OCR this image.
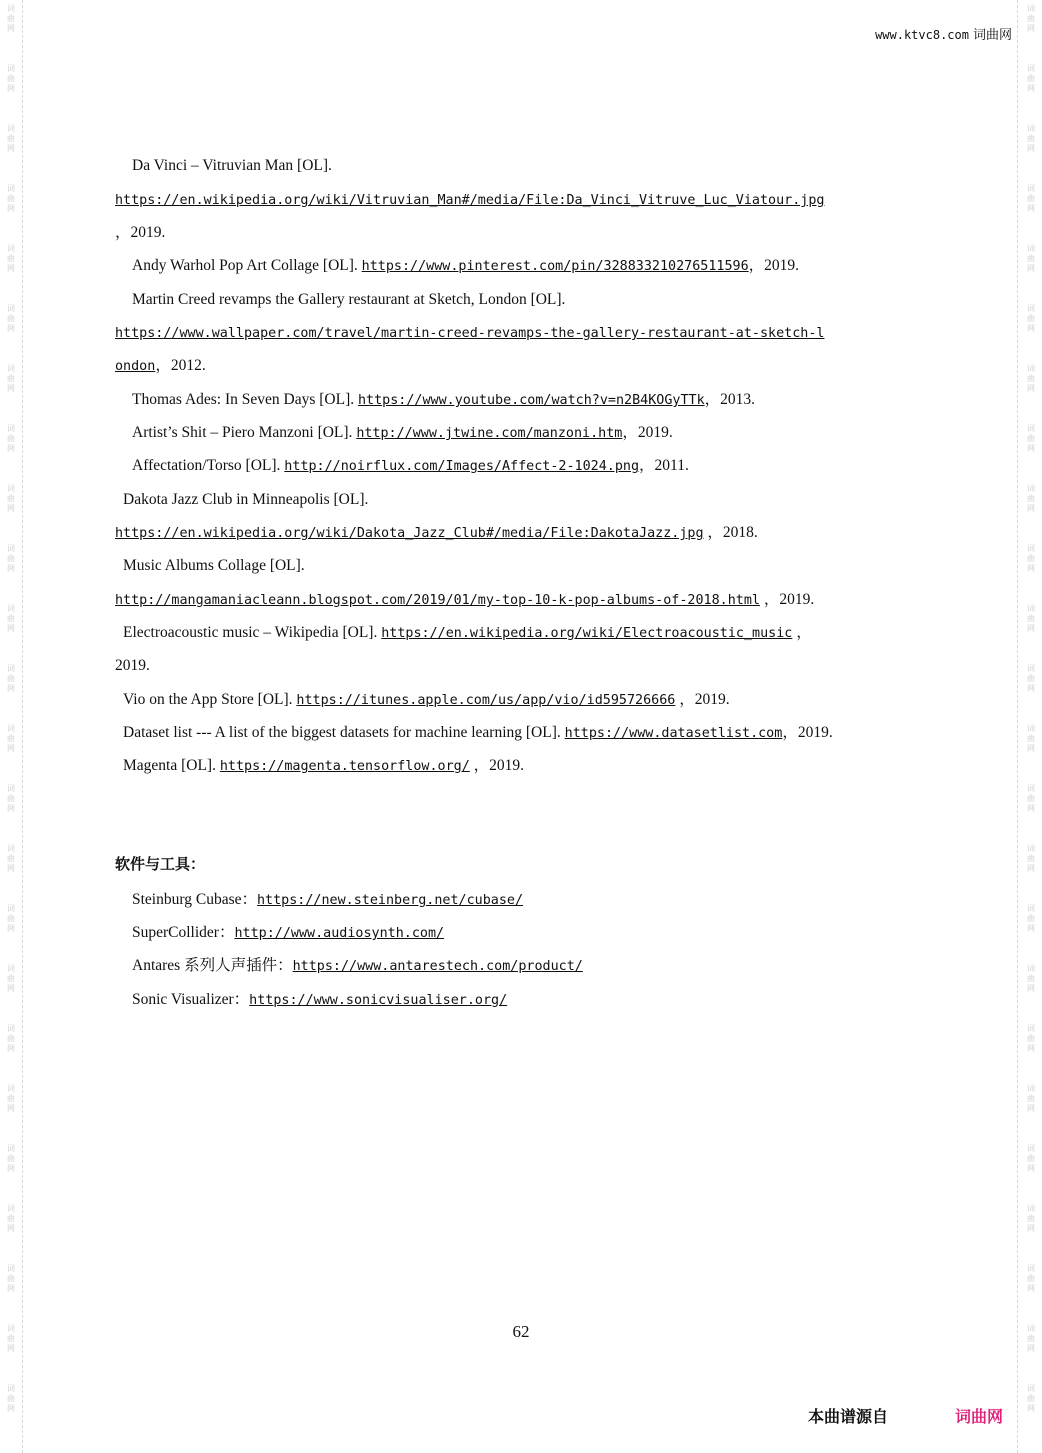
词
曲
网
词
曲
网
词
曲
网
词
曲
网
词
曲
网
词
曲
网
词
曲
网
词
曲
网
词
曲
网
词
曲
网
词
曲
网
词
曲
网
词
曲
网
词
曲
网
词
曲
网
词
曲
网
词
曲
网
词
曲
网
词
曲
网
词
曲
网
词
曲
网
词
曲
网
词
曲
网
词
曲
网
词
曲
网
词
曲
网
词
曲
网
词
曲
网
词
曲
网
词
曲
网
词
曲
网
词
曲
网
词
曲
网
词
曲
网
词
曲
网
词
曲
网
词
曲
网
词
曲
网
词
曲
网
词
曲
网
词
曲
网
词
曲
网
词
曲
网
词
曲
网
词
曲
网
词
曲
网
词
曲
网
词
曲
网
www.ktvc8.com 词曲网
Da Vinci – Vitruvian Man [OL].
https://en.wikipedia.org/wiki/Vitruvian_Man#/media/File:Da_Vinci_Vitruve_Luc_Viatour.jpg
，2019.
Andy Warhol Pop Art Collage [OL]. https://www.pinterest.com/pin/328833210276511596，2019.
Martin Creed revamps the Gallery restaurant at Sketch, London [OL].
https://www.wallpaper.com/travel/martin-creed-revamps-the-gallery-restaurant-at-sketch-l
ondon，2012.
Thomas Ades: In Seven Days [OL]. https://www.youtube.com/watch?v=n2B4KOGyTTk，2013.
Artist’s Shit – Piero Manzoni [OL]. http://www.jtwine.com/manzoni.htm，2019.
Affectation/Torso [OL]. http://noirflux.com/Images/Affect-2-1024.png，2011.
Dakota Jazz Club in Minneapolis [OL].
https://en.wikipedia.org/wiki/Dakota_Jazz_Club#/media/File:DakotaJazz.jpg ，2018.
Music Albums Collage [OL].
http://mangamaniacleann.blogspot.com/2019/01/my-top-10-k-pop-albums-of-2018.html ，2019.
Electroacoustic music – Wikipedia [OL]. https://en.wikipedia.org/wiki/Electroacoustic_music ，
2019.
Vio on the App Store [OL]. https://itunes.apple.com/us/app/vio/id595726666 ，2019.
Dataset list --- A list of the biggest datasets for machine learning [OL]. https://www.datasetlist.com，2019.
Magenta [OL]. https://magenta.tensorflow.org/ ，2019.
软件与工具：
Steinburg Cubase：https://new.steinberg.net/cubase/
SuperCollider：http://www.audiosynth.com/
Antares 系列人声插件：https://www.antarestech.com/product/
Sonic Visualizer：https://www.sonicvisualiser.org/
62
本曲谱源自	词曲网
